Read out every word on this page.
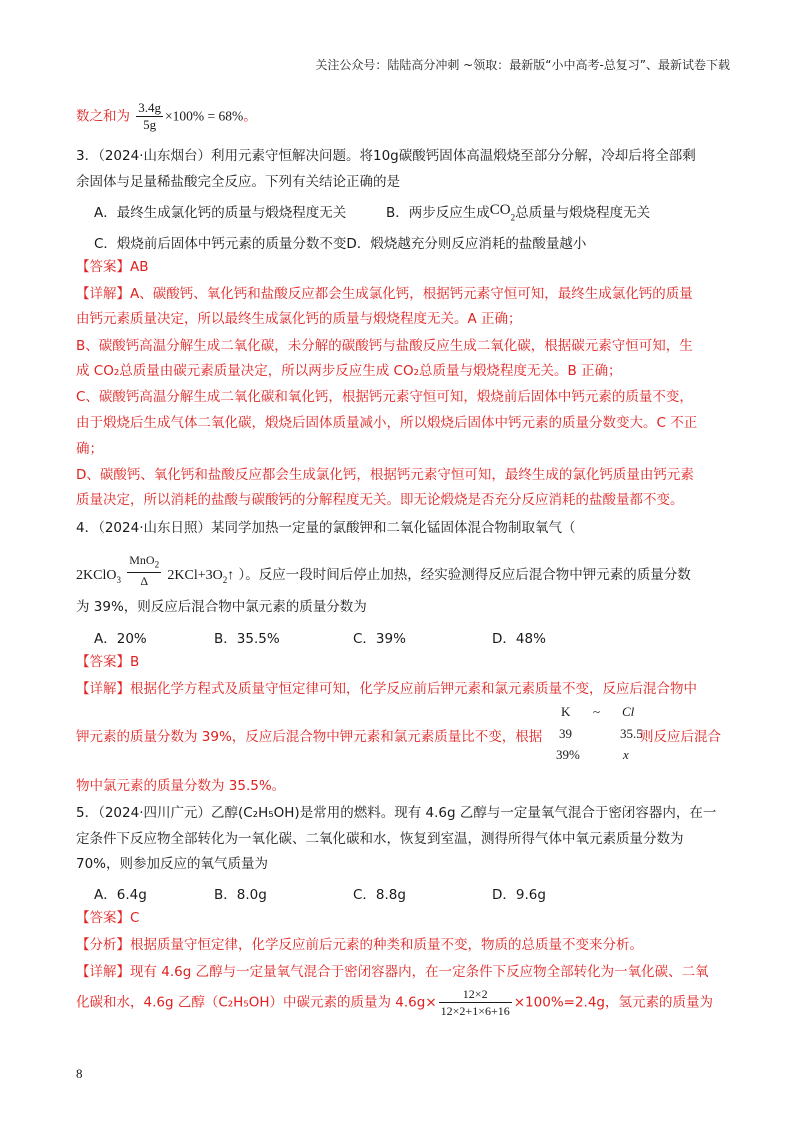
关注公众号：陆陆高分冲刺 ~领取：最新版“小中高考-总复习”、最新试卷下载
数之和为 $\frac{3.4g}{5g} \times 100\% = 68\%$。
3．（2024·山东烟台）利用元素守恒解决问题。将10g碳酸钙固体高温煅烧至部分分解，冷却后将全部剩
余固体与足量稀盐酸完全反应。下列有关结论正确的是
A．最终生成氯化钙的质量与煅烧程度无关	B．两步反应生成$CO_2$总质量与煅烧程度无关
C．煅烧前后固体中钙元素的质量分数不变D．煅烧越充分则反应消耗的盐酸量越小
【答案】AB
【详解】A、碳酸钙、氧化钙和盐酸反应都会生成氯化钙，根据钙元素守恒可知，最终生成氯化钙的质量
由钙元素质量决定，所以最终生成氯化钙的质量与煅烧程度无关。A 正确；
B、碳酸钙高温分解生成二氧化碳，未分解的碳酸钙与盐酸反应生成二氧化碳，根据碳元素守恒可知，生
成 CO₂总质量由碳元素质量决定，所以两步反应生成 CO₂总质量与煅烧程度无关。B 正确；
C、碳酸钙高温分解生成二氧化碳和氧化钙，根据钙元素守恒可知，煅烧前后固体中钙元素的质量不变，
由于煅烧后生成气体二氧化碳，煅烧后固体质量减小，所以煅烧后固体中钙元素的质量分数变大。C 不正
确；
D、碳酸钙、氧化钙和盐酸反应都会生成氯化钙，根据钙元素守恒可知，最终生成的氯化钙质量由钙元素
质量决定，所以消耗的盐酸与碳酸钙的分解程度无关。即无论煅烧是否充分反应消耗的盐酸量都不变。
4．（2024·山东日照）某同学加热一定量的氯酸钾和二氧化锰固体混合物制取氧气（
2KClO$_3$ $\frac{MnO_2}{\Delta}$ $2KCl+3O_2↑$ ）。反应一段时间后停止加热，经实验测得反应后混合物中钾元素的质量分数
为 39%，则反应后混合物中氯元素的质量分数为
A．20%	B．35.5%	C．39%	D．48%
【答案】B
【详解】根据化学方程式及质量守恒定律可知，化学反应前后钾元素和氯元素质量不变，反应后混合物中
K ~ Cl
39	35.5
39%	x
钾元素的质量分数为 39%，反应后混合物中钾元素和氯元素质量比不变，根据	则反应后混合
物中氯元素的质量分数为 35.5%。
5．（2024·四川广元）乙醇(C₂H₅OH)是常用的燃料。现有 4.6g 乙醇与一定量氧气混合于密闭容器内，在一
定条件下反应物全部转化为一氧化碳、二氧化碳和水，恢复到室温，测得所得气体中氧元素质量分数为
70%，则参加反应的氧气质量为
A．6.4g	B．8.0g	C．8.8g	D．9.6g
【答案】C
【分析】根据质量守恒定律，化学反应前后元素的种类和质量不变，物质的总质量不变来分析。
【详解】现有 4.6g 乙醇与一定量氧气混合于密闭容器内，在一定条件下反应物全部转化为一氧化碳、二氧
化碳和水，4.6g 乙醇（C₂H₅OH）中碳元素的质量为 $4.6g\times \frac{12\times 2}{12\times 2+1\times 6+16} \times 100\%=2.4g$，氢元素的质量为
8
